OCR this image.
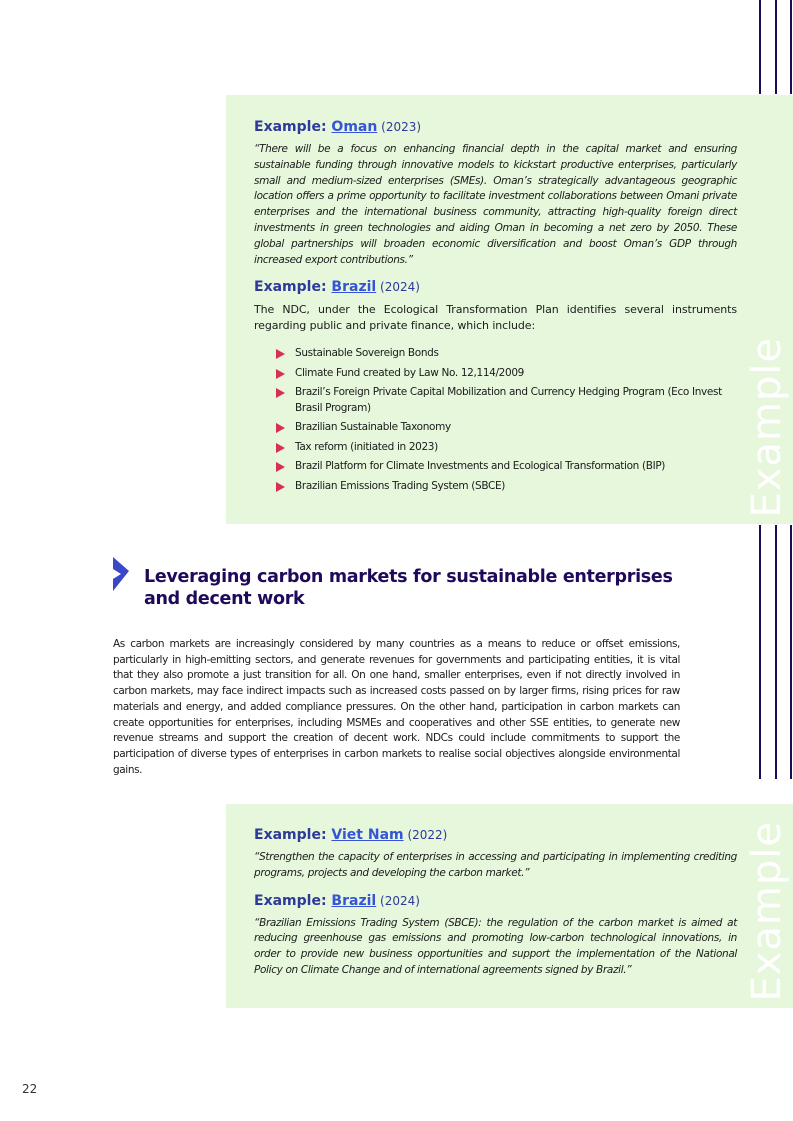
Example
Example: Oman (2023)

“There will be a focus on enhancing financial depth in the capital market and ensuring sustainable funding through innovative models to kickstart productive enterprises, particularly small and medium-sized enterprises (SMEs). Oman’s strategically advantageous geographic location offers a prime opportunity to facilitate investment collaborations between Omani private enterprises and the international business community, attracting high-quality foreign direct investments in green technologies and aiding Oman in becoming a net zero by 2050. These global partnerships will broaden economic diversification and boost Oman’s GDP through increased export contributions.”

Example: Brazil (2024)

The NDC, under the Ecological Transformation Plan identifies several instruments regarding public and private finance, which include:

Sustainable Sovereign Bonds
Climate Fund created by Law No. 12,114/2009
Brazil’s Foreign Private Capital Mobilization and Currency Hedging Program (Eco Invest Brasil Program)
Brazilian Sustainable Taxonomy
Tax reform (initiated in 2023)
Brazil Platform for Climate Investments and Ecological Transformation (BIP)
Brazilian Emissions Trading System (SBCE)
Leveraging carbon markets for sustainable enterprises and decent work

As carbon markets are increasingly considered by many countries as a means to reduce or offset emissions, particularly in high-emitting sectors, and generate revenues for governments and participating entities, it is vital that they also promote a just transition for all. On one hand, smaller enterprises, even if not directly involved in carbon markets, may face indirect impacts such as increased costs passed on by larger firms, rising prices for raw materials and energy, and added compliance pressures. On the other hand, participation in carbon markets can create opportunities for enterprises, including MSMEs and cooperatives and other SSE entities, to generate new revenue streams and support the creation of decent work. NDCs could include commitments to support the participation of diverse types of enterprises in carbon markets to realise social objectives alongside environmental gains.

Example
Example: Viet Nam (2022)

“Strengthen the capacity of enterprises in accessing and participating in implementing crediting programs, projects and developing the carbon market.”

Example: Brazil (2024)

“Brazilian Emissions Trading System (SBCE): the regulation of the carbon market is aimed at reducing greenhouse gas emissions and promoting low-carbon technological innovations, in order to provide new business opportunities and support the implementation of the National Policy on Climate Change and of international agreements signed by Brazil.”

22
